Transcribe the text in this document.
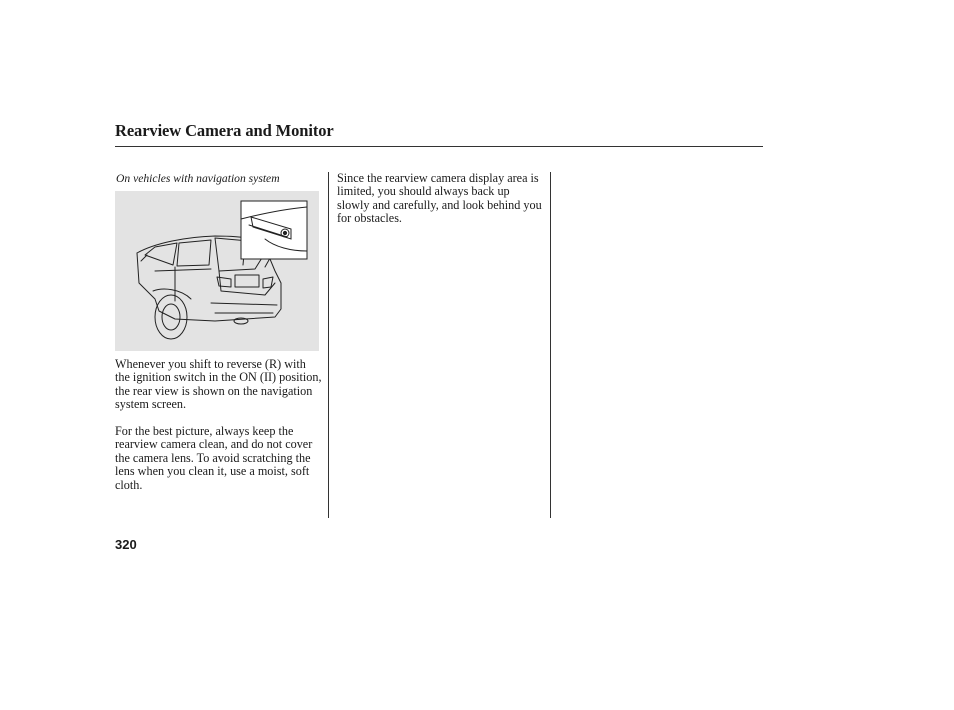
Rearview Camera and Monitor
On vehicles with navigation system

Whenever you shift to reverse (R) with the ignition switch in the ON (II) position, the rear view is shown on the navigation system screen.

For the best picture, always keep the rearview camera clean, and do not cover the camera lens. To avoid scratching the lens when you clean it, use a moist, soft cloth.

Since the rearview camera display area is limited, you should always back up slowly and carefully, and look behind you for obstacles.

320
